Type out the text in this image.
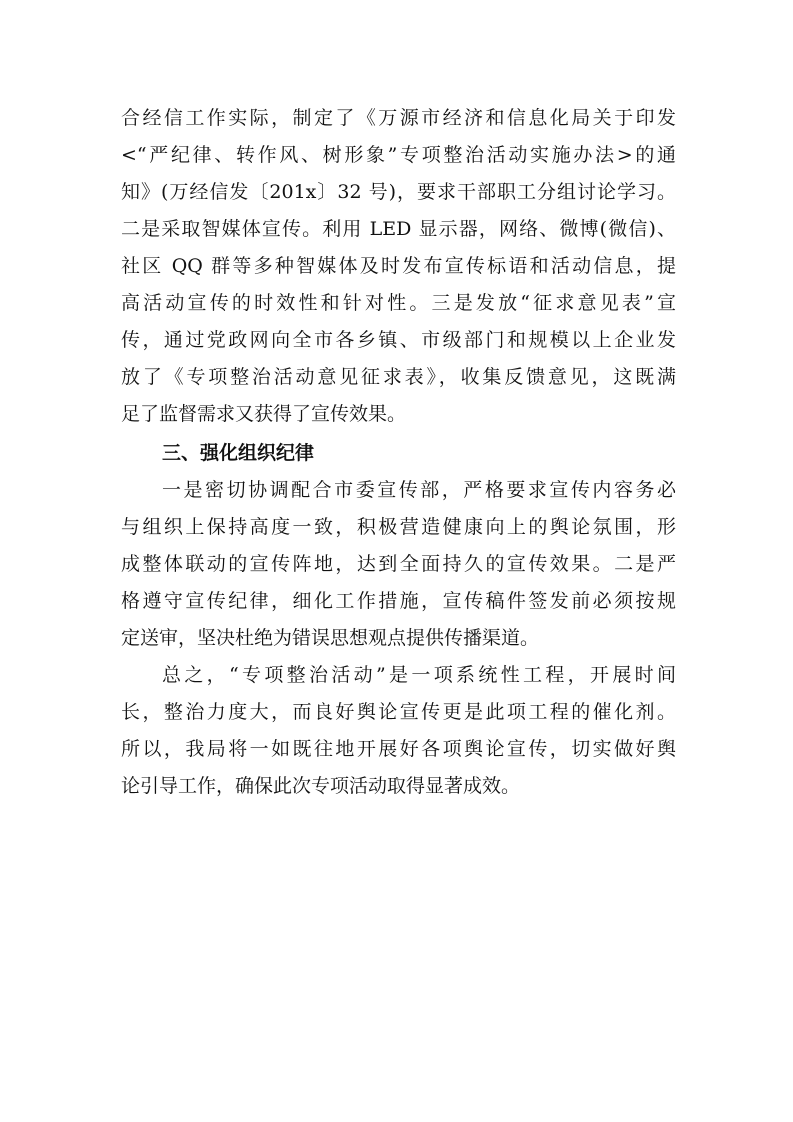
合经信工作实际，制定了《万源市经济和信息化局关于印发
<“严纪律、转作风、树形象”专项整治活动实施办法>的通
知》(万经信发〔201x〕32 号)，要求干部职工分组讨论学习。
二是采取智媒体宣传。利用 LED 显示器，网络、微博(微信)、
社区 QQ 群等多种智媒体及时发布宣传标语和活动信息，提
高活动宣传的时效性和针对性。三是发放“征求意见表”宣
传，通过党政网向全市各乡镇、市级部门和规模以上企业发
放了《专项整治活动意见征求表》，收集反馈意见，这既满
足了监督需求又获得了宣传效果。
三、强化组织纪律
一是密切协调配合市委宣传部，严格要求宣传内容务必
与组织上保持高度一致，积极营造健康向上的舆论氛围，形
成整体联动的宣传阵地，达到全面持久的宣传效果。二是严
格遵守宣传纪律，细化工作措施，宣传稿件签发前必须按规
定送审，坚决杜绝为错误思想观点提供传播渠道。
总之，“专项整治活动”是一项系统性工程，开展时间
长，整治力度大，而良好舆论宣传更是此项工程的催化剂。
所以，我局将一如既往地开展好各项舆论宣传，切实做好舆
论引导工作，确保此次专项活动取得显著成效。
